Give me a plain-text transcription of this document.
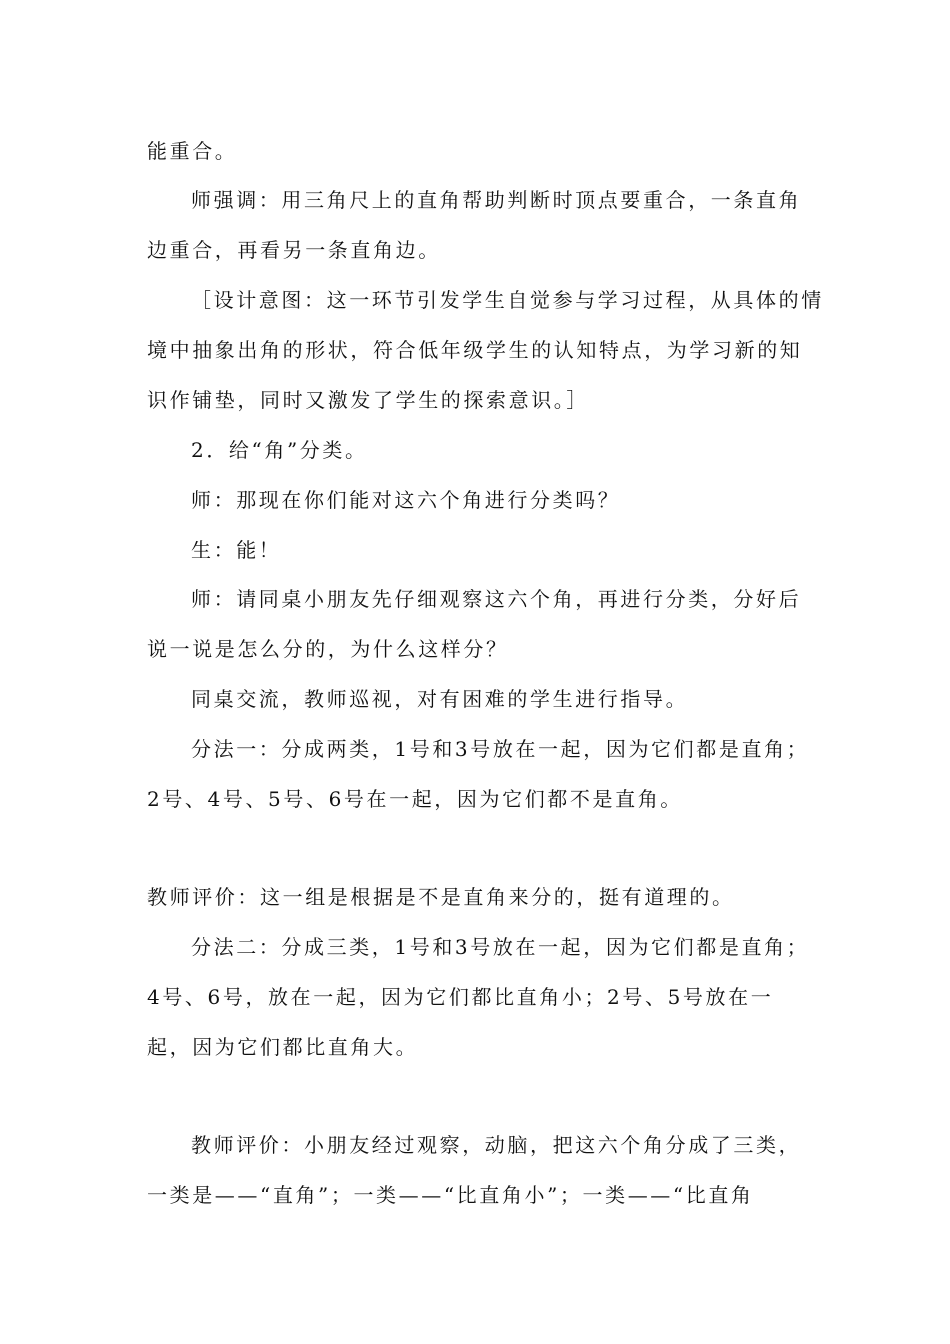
能重合。
师强调：用三角尺上的直角帮助判断时顶点要重合，一条直角
边重合，再看另一条直角边。
［设计意图：这一环节引发学生自觉参与学习过程，从具体的情
境中抽象出角的形状，符合低年级学生的认知特点，为学习新的知
识作铺垫，同时又激发了学生的探索意识。］
2．给“角”分类。
师：那现在你们能对这六个角进行分类吗？
生：能！
师：请同桌小朋友先仔细观察这六个角，再进行分类，分好后
说一说是怎么分的，为什么这样分？
同桌交流，教师巡视，对有困难的学生进行指导。
分法一：分成两类，1号和3号放在一起，因为它们都是直角；
2号、4号、5号、6号在一起，因为它们都不是直角。
教师评价：这一组是根据是不是直角来分的，挺有道理的。
分法二：分成三类，1号和3号放在一起，因为它们都是直角；
4号、6号，放在一起，因为它们都比直角小；2号、5号放在一
起，因为它们都比直角大。
教师评价：小朋友经过观察，动脑，把这六个角分成了三类，
一类是——“直角”；一类——“比直角小”；一类——“比直角
